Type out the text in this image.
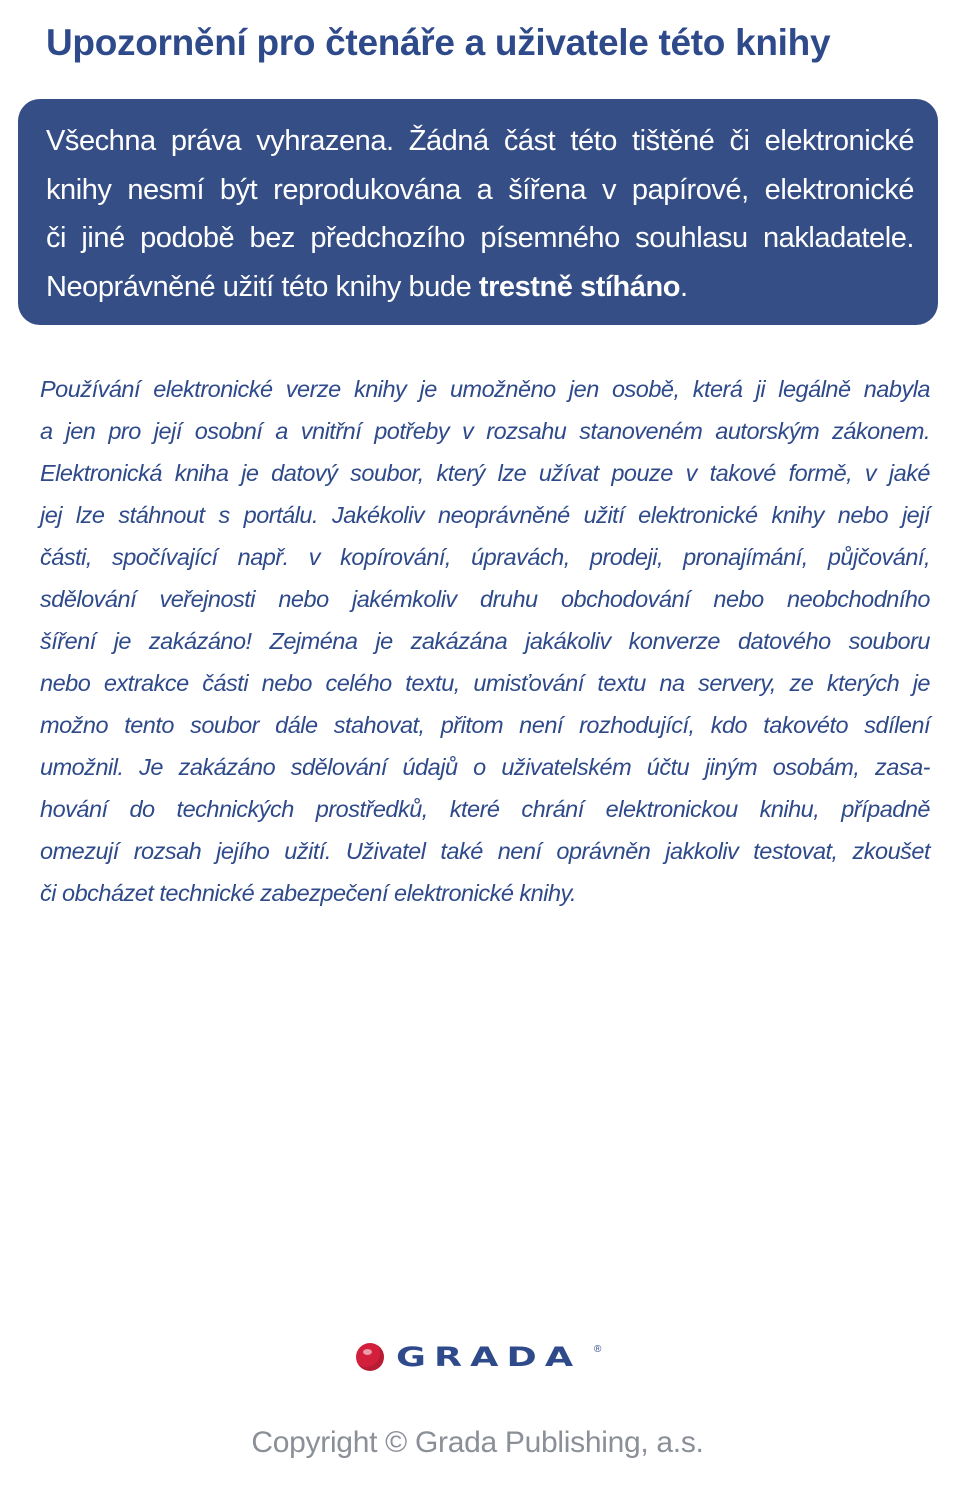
Upozornění pro čtenáře a uživatele této knihy
Všechna práva vyhrazena. Žádná část této tištěné či elektronické
knihy nesmí být reprodukována a šířena v papírové, elektronické
či jiné podobě bez předchozího písemného souhlasu nakladatele.
Neoprávněné užití této knihy bude trestně stíháno.
Používání elektronické verze knihy je umožněno jen osobě, která ji legálně nabyla
a jen pro její osobní a vnitřní potřeby v rozsahu stanoveném autorským zákonem.
Elektronická kniha je datový soubor, který lze užívat pouze v takové formě, v jaké
jej lze stáhnout s portálu. Jakékoliv neoprávněné užití elektronické knihy nebo její
části, spočívající např. v kopírování, úpravách, prodeji, pronajímání, půjčování,
sdělování veřejnosti nebo jakémkoliv druhu obchodování nebo neobchodního
šíření je zakázáno! Zejména je zakázána jakákoliv konverze datového souboru
nebo extrakce části nebo celého textu, umisťování textu na servery, ze kterých je
možno tento soubor dále stahovat, přitom není rozhodující, kdo takovéto sdílení
umožnil. Je zakázáno sdělování údajů o uživatelském účtu jiným osobám, zasa-
hování do technických prostředků, které chrání elektronickou knihu, případně
omezují rozsah jejího užití. Uživatel také není oprávněn jakkoliv testovat, zkoušet
či obcházet technické zabezpečení elektronické knihy.
GRADA ®
Copyright © Grada Publishing, a.s.
